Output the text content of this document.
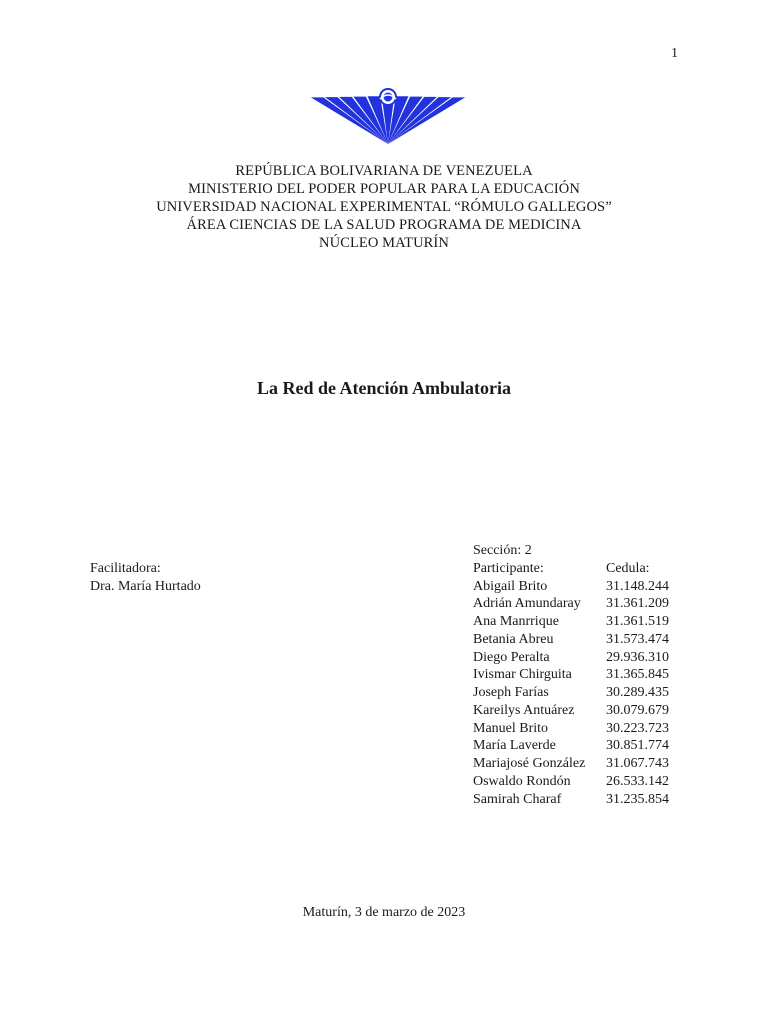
1
REPÚBLICA BOLIVARIANA DE VENEZUELA
MINISTERIO DEL PODER POPULAR PARA LA EDUCACIÓN
UNIVERSIDAD NACIONAL EXPERIMENTAL “RÓMULO GALLEGOS”
ÁREA CIENCIAS DE LA SALUD PROGRAMA DE MEDICINA
NÚCLEO MATURÍN
La Red de Atención Ambulatoria
Facilitadora:
Dra. María Hurtado
Sección: 2
Participante:	Cedula:
Abigail Brito	31.148.244
Adrián Amundaray	31.361.209
Ana Manrrique	31.361.519
Betania Abreu	31.573.474
Diego Peralta	29.936.310
Ivismar Chirguita	31.365.845
Joseph Farías	30.289.435
Kareilys Antuárez	30.079.679
Manuel Brito	30.223.723
María Laverde	30.851.774
Mariajosé González	31.067.743
Oswaldo Rondón	26.533.142
Samirah Charaf	31.235.854
Maturín, 3 de marzo de 2023
